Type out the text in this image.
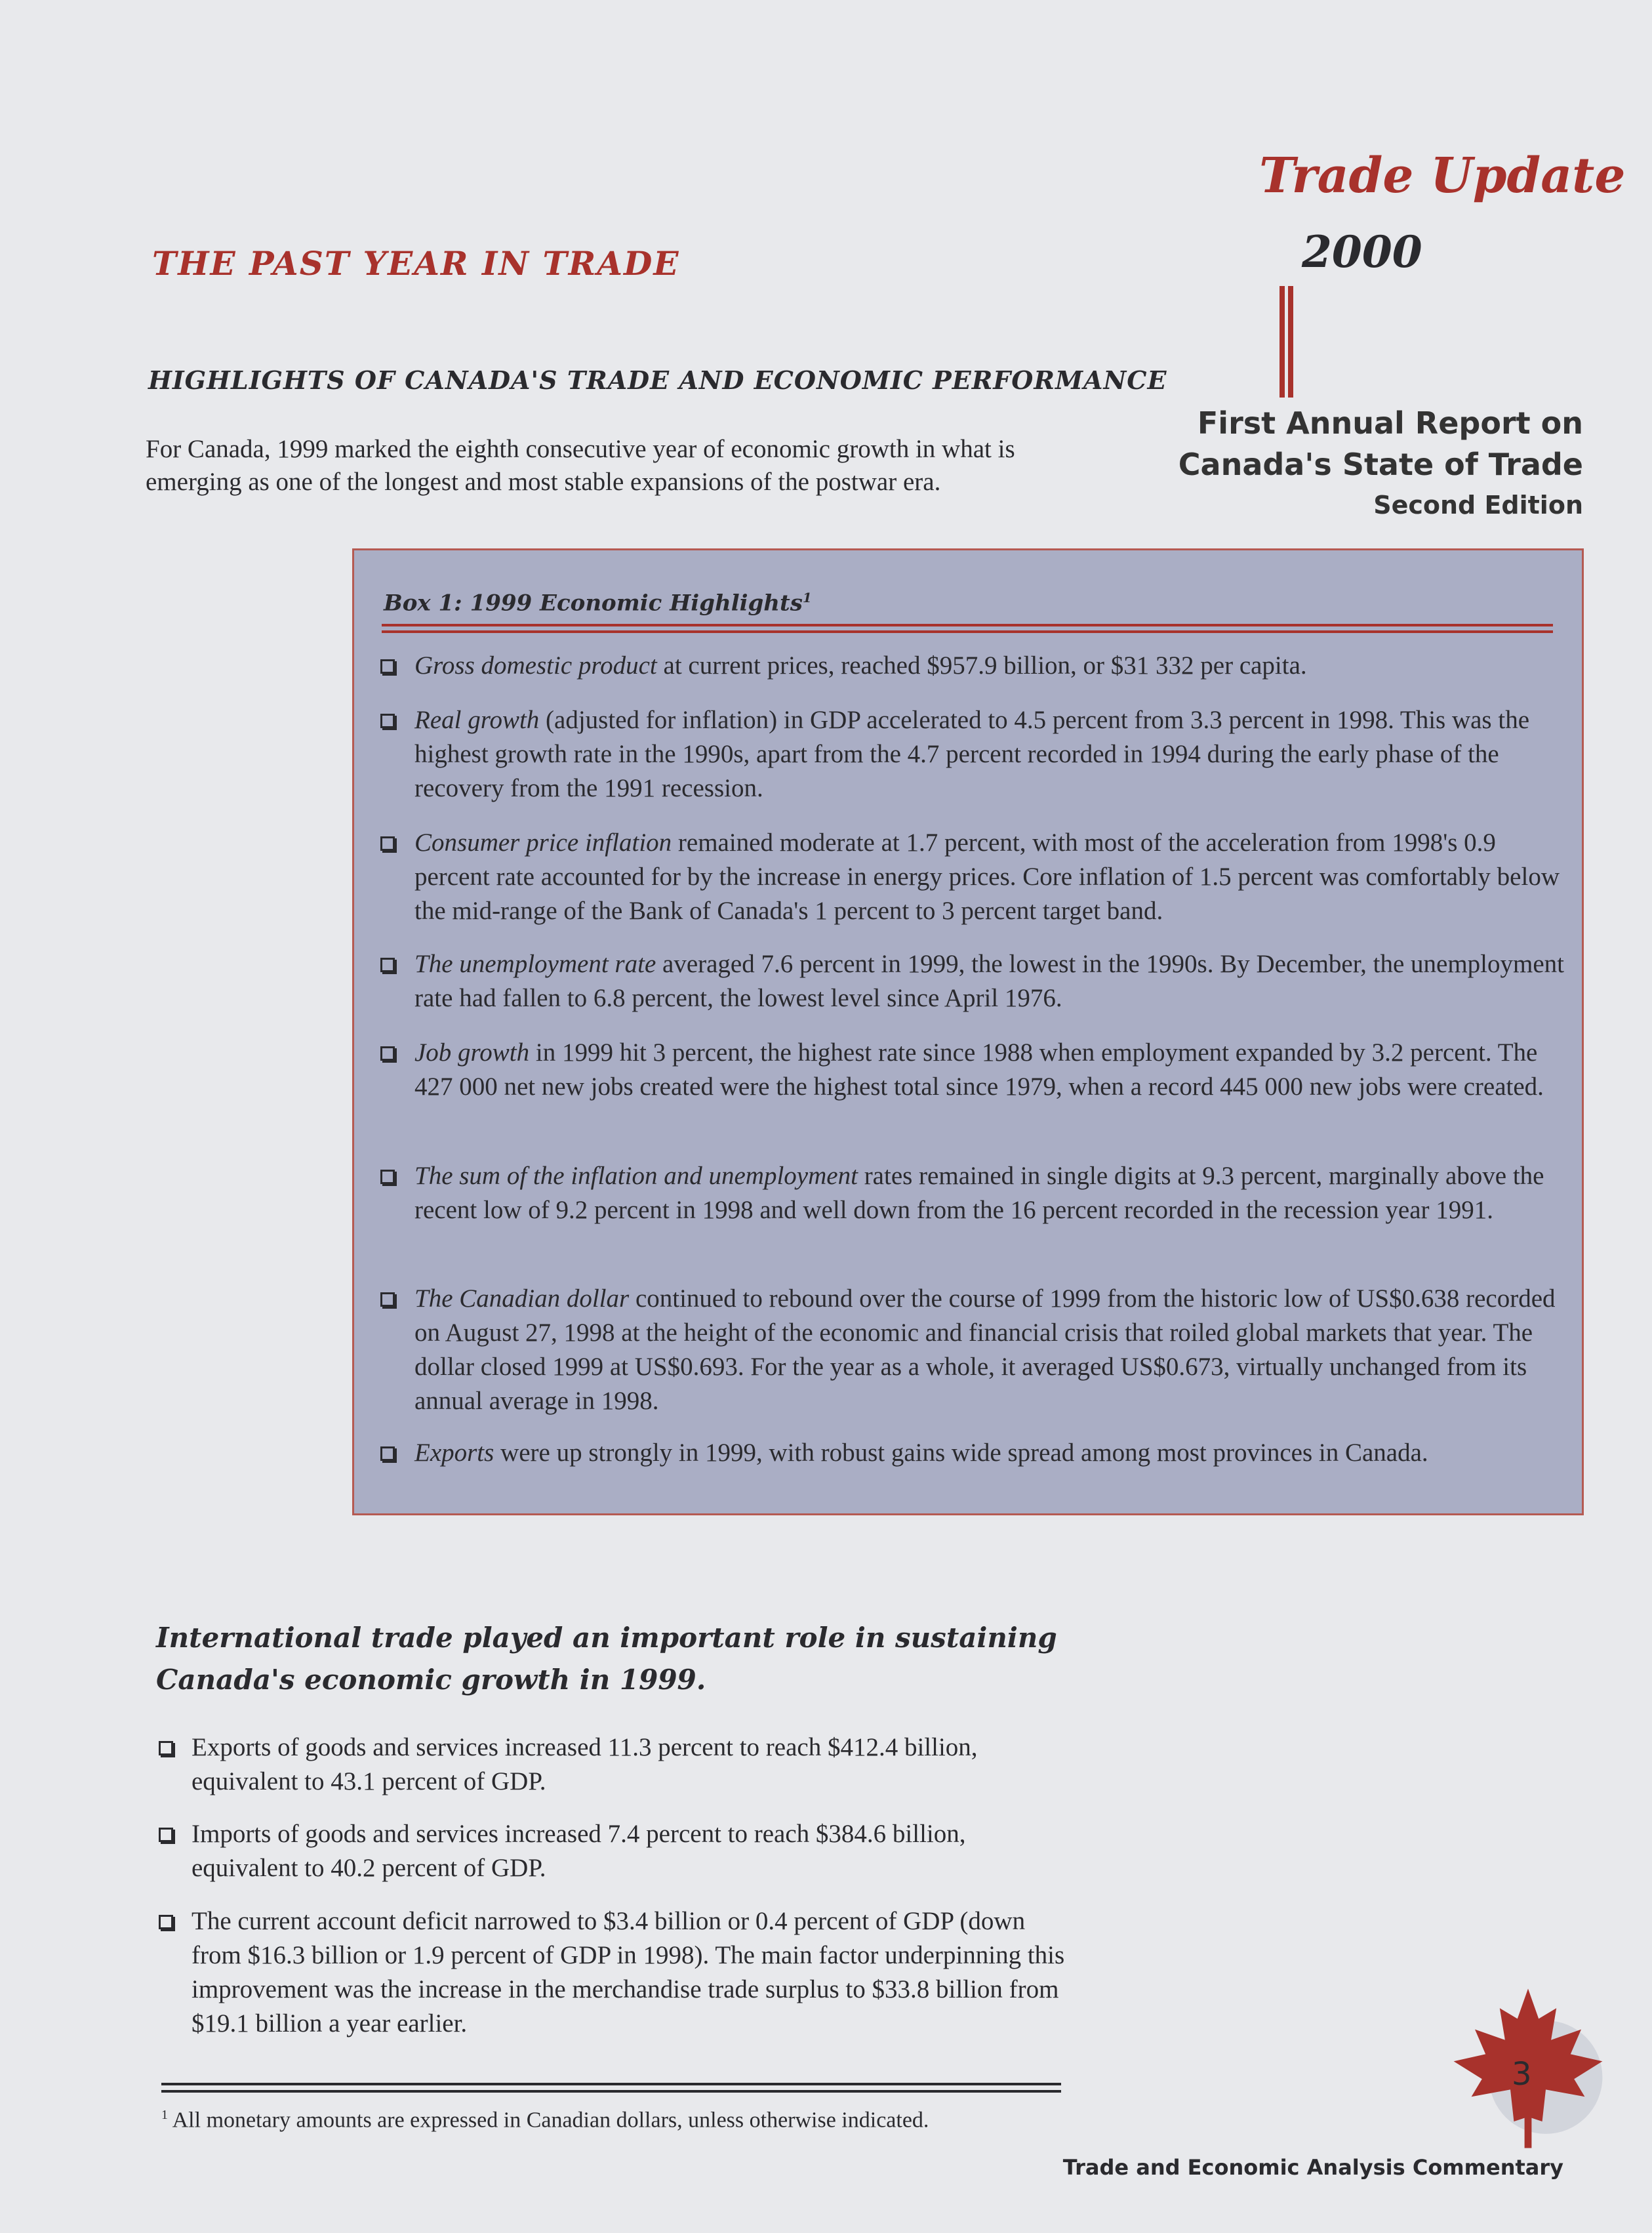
THE PAST YEAR IN TRADE
HIGHLIGHTS OF CANADA'S TRADE AND ECONOMIC PERFORMANCE
For Canada, 1999 marked the eighth consecutive year of economic growth in what is emerging as one of the longest and most stable expansions of the postwar era.
Trade Update
2000
First Annual Report on
Canada's State of Trade
Second Edition
Box 1: 1999 Economic Highlights$^1$
Gross domestic product at current prices, reached $957.9 billion, or $31 332 per capita.
Real growth (adjusted for inflation) in GDP accelerated to 4.5 percent from 3.3 percent in 1998. This was the highest growth rate in the 1990s, apart from the 4.7 percent recorded in 1994 during the early phase of the recovery from the 1991 recession.
Consumer price inflation remained moderate at 1.7 percent, with most of the acceleration from 1998's 0.9 percent rate accounted for by the increase in energy prices. Core inflation of 1.5 percent was comfortably below the mid-range of the Bank of Canada's 1 percent to 3 percent target band.
The unemployment rate averaged 7.6 percent in 1999, the lowest in the 1990s. By December, the unemployment rate had fallen to 6.8 percent, the lowest level since April 1976.
Job growth in 1999 hit 3 percent, the highest rate since 1988 when employment expanded by 3.2 percent. The 427 000 net new jobs created were the highest total since 1979, when a record 445 000 new jobs were created.
The sum of the inflation and unemployment rates remained in single digits at 9.3 percent, marginally above the recent low of 9.2 percent in 1998 and well down from the 16 percent recorded in the recession year 1991.
The Canadian dollar continued to rebound over the course of 1999 from the historic low of US$0.638 recorded on August 27, 1998 at the height of the economic and financial crisis that roiled global markets that year. The dollar closed 1999 at US$0.693. For the year as a whole, it averaged US$0.673, virtually unchanged from its annual average in 1998.
Exports were up strongly in 1999, with robust gains wide spread among most provinces in Canada.
International trade played an important role in sustaining Canada's economic growth in 1999.
Exports of goods and services increased 11.3 percent to reach $412.4 billion, equivalent to 43.1 percent of GDP.
Imports of goods and services increased 7.4 percent to reach $384.6 billion, equivalent to 40.2 percent of GDP.
The current account deficit narrowed to $3.4 billion or 0.4 percent of GDP (down from $16.3 billion or 1.9 percent of GDP in 1998). The main factor underpinning this improvement was the increase in the merchandise trade surplus to $33.8 billion from $19.1 billion a year earlier.
$^1$ All monetary amounts are expressed in Canadian dollars, unless otherwise indicated.
3
Trade and Economic Analysis Commentary
